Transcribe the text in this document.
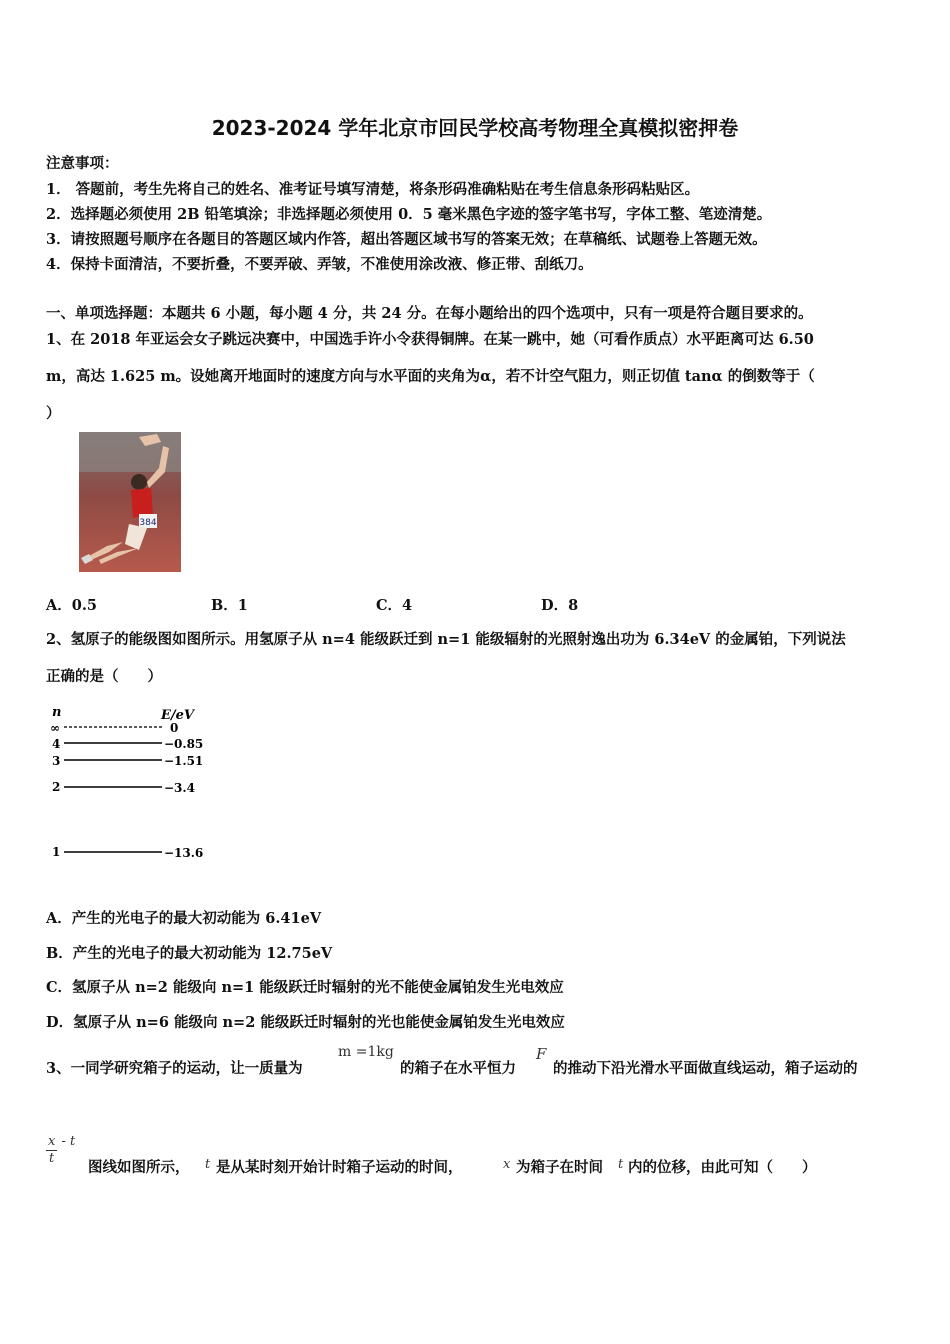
2023-2024 学年北京市回民学校高考物理全真模拟密押卷
注意事项：
1． 答题前，考生先将自己的姓名、准考证号填写清楚，将条形码准确粘贴在考生信息条形码粘贴区。
2．选择题必须使用 2B 铅笔填涂；非选择题必须使用 0．5 毫米黑色字迹的签字笔书写，字体工整、笔迹清楚。
3．请按照题号顺序在各题目的答题区域内作答，超出答题区域书写的答案无效；在草稿纸、试题卷上答题无效。
4．保持卡面清洁，不要折叠，不要弄破、弄皱，不准使用涂改液、修正带、刮纸刀。
一、单项选择题：本题共 6 小题，每小题 4 分，共 24 分。在每小题给出的四个选项中，只有一项是符合题目要求的。
1、在 2018 年亚运会女子跳远决赛中，中国选手许小令获得铜牌。在某一跳中，她（可看作质点）水平距离可达 6.50
m，高达 1.625 m。设她离开地面时的速度方向与水平面的夹角为α，若不计空气阻力，则正切值 tanα 的倒数等于（
）
384
A．0.5	B．1	C．4	D．8
2、氢原子的能级图如图所示。用氢原子从 n=4 能级跃迁到 n=1 能级辐射的光照射逸出功为 6.34eV 的金属铂，下列说法
正确的是（　　）
n	E/eV
∞	0
4	−0.85
3	−1.51
2	−3.4
1	−13.6
A．产生的光电子的最大初动能为 6.41eV
B．产生的光电子的最大初动能为 12.75eV
C．氢原子从 n=2 能级向 n=1 能级跃迁时辐射的光不能使金属铂发生光电效应
D．氢原子从 n=6 能级向 n=2 能级跃迁时辐射的光也能使金属铂发生光电效应
3、一同学研究箱子的运动，让一质量为
m =1kg
的箱子在水平恒力
F
的推动下沿光滑水平面做直线运动，箱子运动的
$\frac{x}{t}$ - t
图线如图所示， t 是从某时刻开始计时箱子运动的时间，	x 为箱子在时间 t 内的位移，由此可知（　　）
